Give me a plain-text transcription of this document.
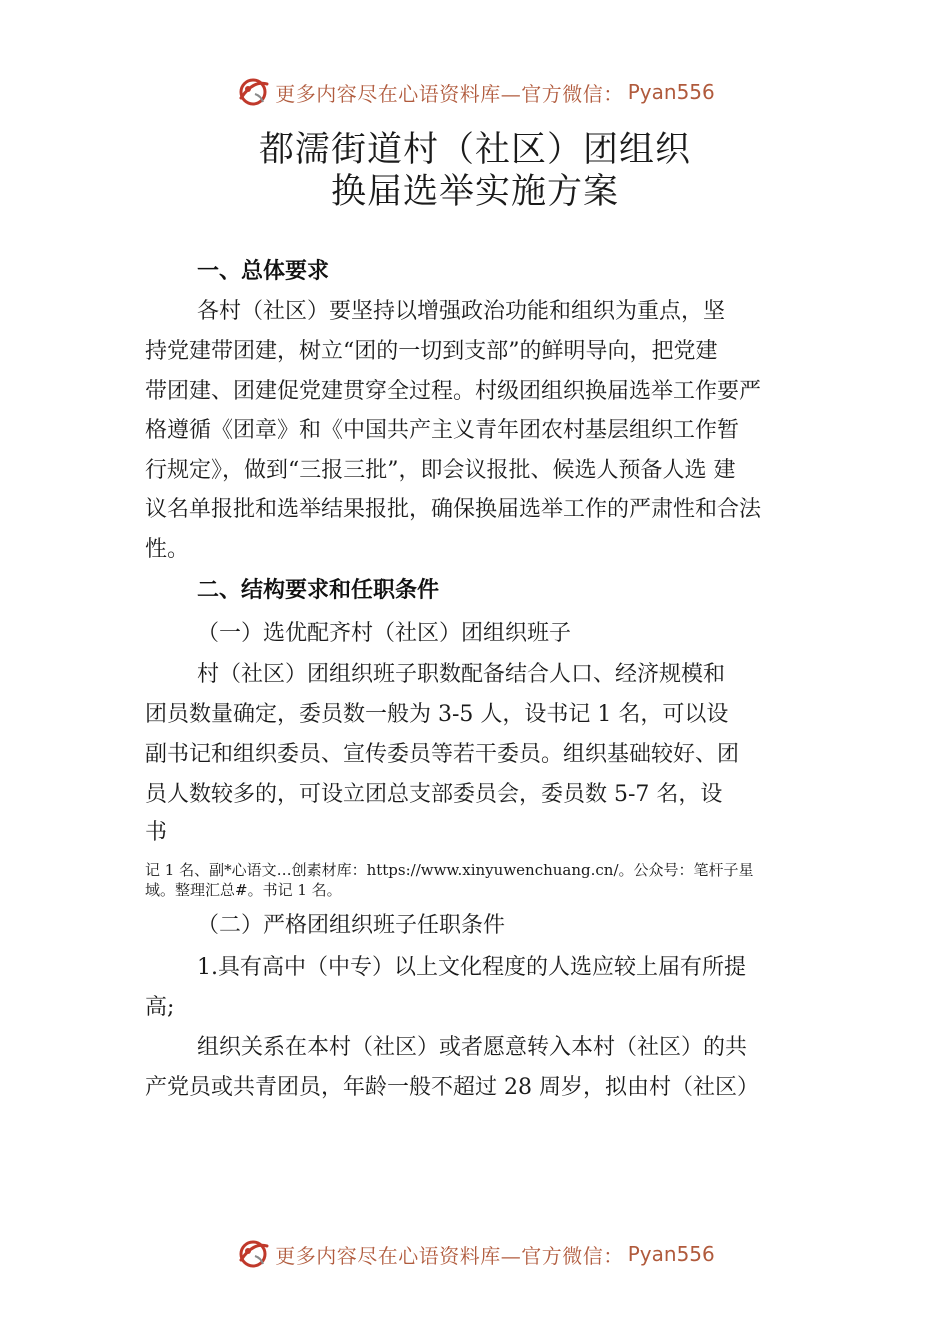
更多内容尽在心语资料库—官方微信： Pyan556
都濡街道村（社区）团组织
换届选举实施方案
一、总体要求
各村（社区）要坚持以增强政治功能和组织为重点，坚
持党建带团建，树立“团的一切到支部”的鲜明导向，把党建
带团建、团建促党建贯穿全过程。村级团组织换届选举工作要严
格遵循《团章》和《中国共产主义青年团农村基层组织工作暂
行规定》，做到“三报三批”，即会议报批、候选人预备人选 建
议名单报批和选举结果报批，确保换届选举工作的严肃性和合法
性。
二、结构要求和任职条件
（一）选优配齐村（社区）团组织班子
村（社区）团组织班子职数配备结合人口、经济规模和
团员数量确定，委员数一般为 3-5 人，设书记 1 名，可以设
副书记和组织委员、宣传委员等若干委员。组织基础较好、团
员人数较多的，可设立团总支部委员会，委员数 5-7 名，设
书
记 1 名、副*心语文…创素材库：https://www.xinyuwenchuang.cn/。公众号：笔杆子星
域。整理汇总#。书记 1 名。
（二）严格团组织班子任职条件
1.具有高中（中专）以上文化程度的人选应较上届有所提
高;
组织关系在本村（社区）或者愿意转入本村（社区）的共
产党员或共青团员，年龄一般不超过 28 周岁，拟由村（社区）
更多内容尽在心语资料库—官方微信： Pyan556
